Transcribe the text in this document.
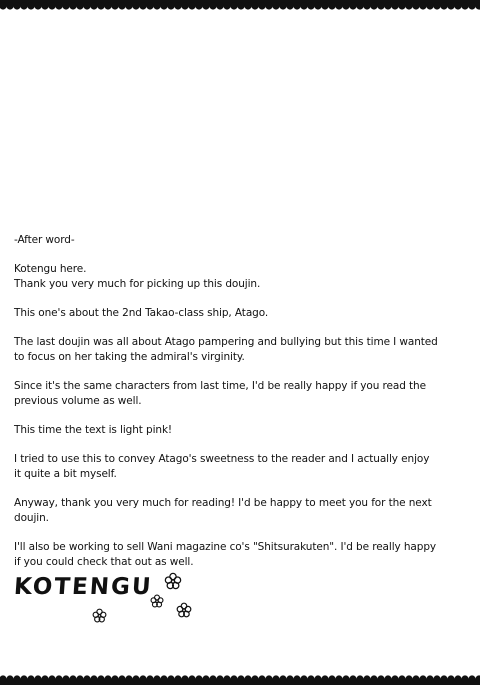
-After word-

Kotengu here.

Thank you very much for picking up this doujin.

This one's about the 2nd Takao-class ship, Atago.

The last doujin was all about Atago pampering and bullying but this time I wanted

to focus on her taking the admiral's virginity.

Since it's the same characters from last time, I'd be really happy if you read the

previous volume as well.

This time the text is light pink!

I tried to use this to convey Atago's sweetness to the reader and I actually enjoy

it quite a bit myself.

Anyway, thank you very much for reading! I'd be happy to meet you for the next doujin.

I'll also be working to sell Wani magazine co's "Shitsurakuten". I'd be really happy

if you could check that out as well.

KOTENGU
